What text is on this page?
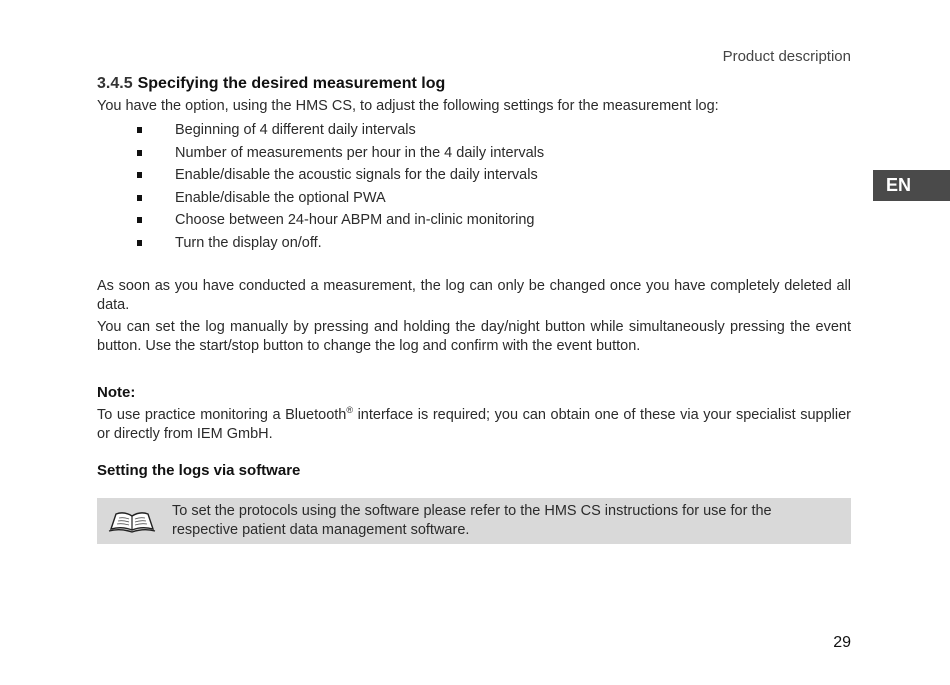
Product description
EN
3.4.5 Specifying the desired measurement log

You have the option, using the HMS CS, to adjust the following settings for the measurement log:

Beginning of 4 different daily intervals
Number of measurements per hour in the 4 daily intervals
Enable/disable the acoustic signals for the daily intervals
Enable/disable the optional PWA
Choose between 24-hour ABPM and in-clinic monitoring
Turn the display on/off.

As soon as you have conducted a measurement, the log can only be changed once you have completely deleted all data.

You can set the log manually by pressing and holding the day/night button while simultaneously pressing the event button. Use the start/stop button to change the log and confirm with the event button.

Note:

To use practice monitoring a Bluetooth® interface is required; you can obtain one of these via your specialist supplier or directly from IEM GmbH.

Setting the logs via software
To set the protocols using the software please refer to the HMS CS instructions for use for the respective patient data management software.
29
